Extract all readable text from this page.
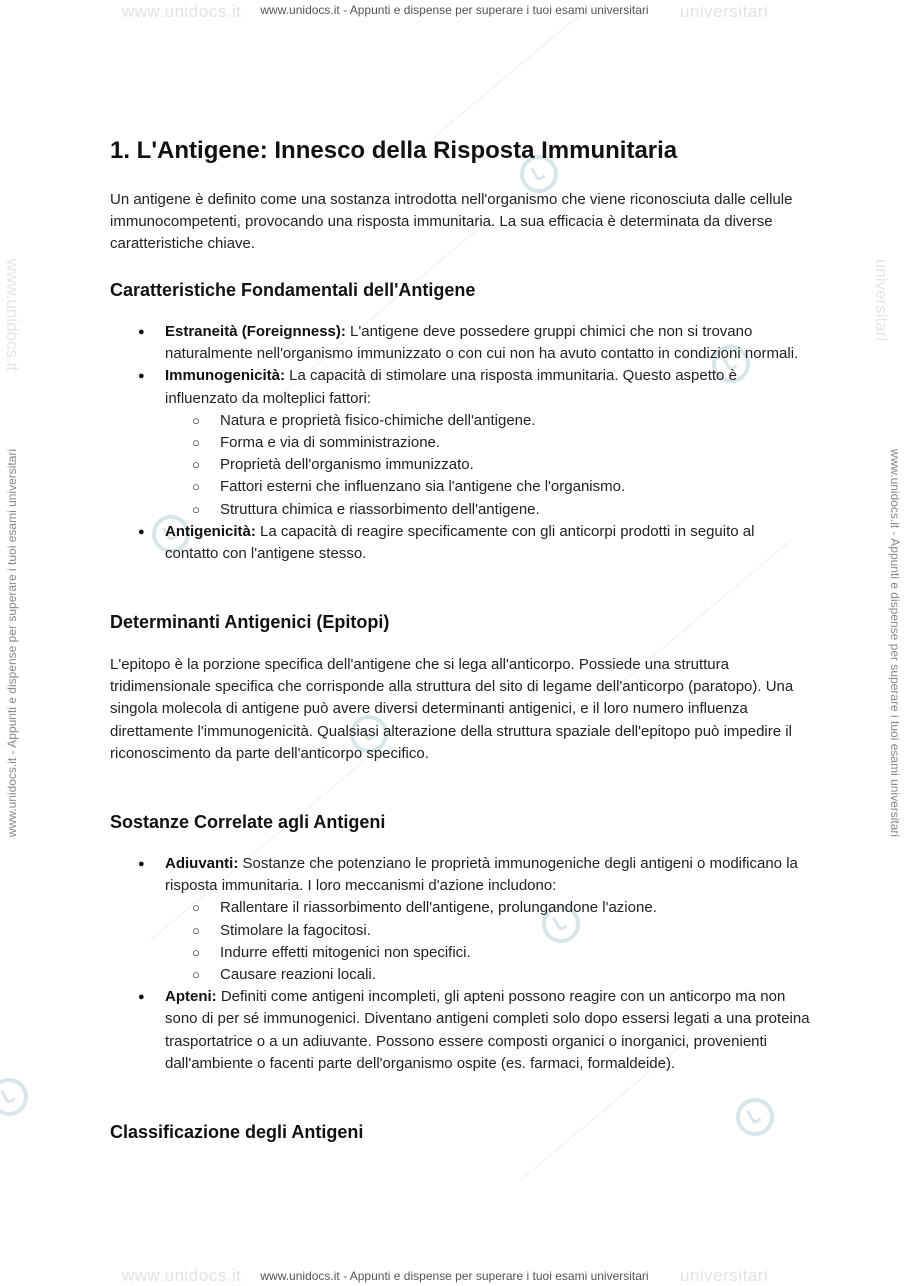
www.unidocs.it	universitari
www.unidocs.it - Appunti e dispense per superare i tuoi esami universitari
www.unidocs.it	universitari
www.unidocs.it - Appunti e dispense per superare i tuoi esami universitari
www.unidocs.it	universitari
www.unidocs.it - Appunti e dispense per superare i tuoi esami universitari	www.unidocs.it - Appunti e dispense per superare i tuoi esami universitari
1. L'Antigene: Innesco della Risposta Immunitaria

Un antigene è definito come una sostanza introdotta nell'organismo che viene riconosciuta dalle cellule immunocompetenti, provocando una risposta immunitaria. La sua efficacia è determinata da diverse caratteristiche chiave.

Caratteristiche Fondamentali dell'Antigene
● Estraneità (Foreignness): L'antigene deve possedere gruppi chimici che non si trovano naturalmente nell'organismo immunizzato o con cui non ha avuto contatto in condizioni normali.
● Immunogenicità: La capacità di stimolare una risposta immunitaria. Questo aspetto è influenzato da molteplici fattori:
○ Natura e proprietà fisico-chimiche dell'antigene.
○ Forma e via di somministrazione.
○ Proprietà dell'organismo immunizzato.
○ Fattori esterni che influenzano sia l'antigene che l'organismo.
○ Struttura chimica e riassorbimento dell'antigene.
● Antigenicità: La capacità di reagire specificamente con gli anticorpi prodotti in seguito al contatto con l'antigene stesso.
Determinanti Antigenici (Epitopi)

L'epitopo è la porzione specifica dell'antigene che si lega all'anticorpo. Possiede una struttura tridimensionale specifica che corrisponde alla struttura del sito di legame dell'anticorpo (paratopo). Una singola molecola di antigene può avere diversi determinanti antigenici, e il loro numero influenza direttamente l'immunogenicità. Qualsiasi alterazione della struttura spaziale dell'epitopo può impedire il riconoscimento da parte dell'anticorpo specifico.

Sostanze Correlate agli Antigeni
● Adiuvanti: Sostanze che potenziano le proprietà immunogeniche degli antigeni o modificano la risposta immunitaria. I loro meccanismi d'azione includono:
○ Rallentare il riassorbimento dell'antigene, prolungandone l'azione.
○ Stimolare la fagocitosi.
○ Indurre effetti mitogenici non specifici.
○ Causare reazioni locali.
● Apteni: Definiti come antigeni incompleti, gli apteni possono reagire con un anticorpo ma non sono di per sé immunogenici. Diventano antigeni completi solo dopo essersi legati a una proteina trasportatrice o a un adiuvante. Possono essere composti organici o inorganici, provenienti dall'ambiente o facenti parte dell'organismo ospite (es. farmaci, formaldeide).
Classificazione degli Antigeni
